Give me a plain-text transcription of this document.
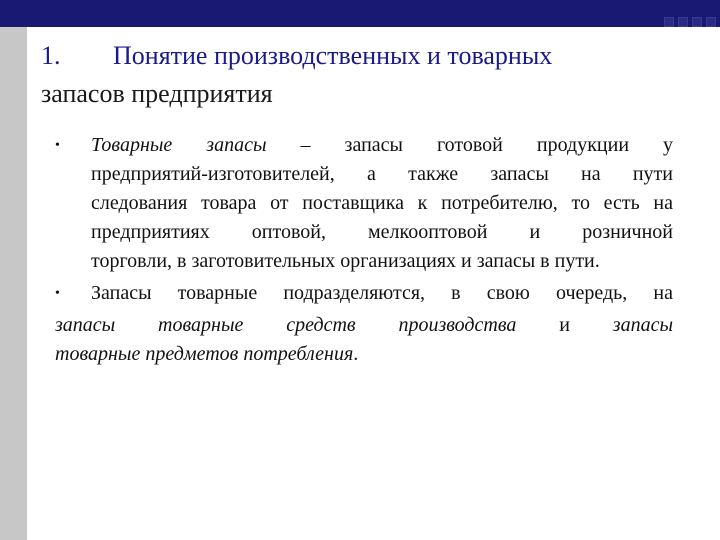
1. Понятие производственных и товарных
запасов предприятия
• Товарные запасы – запасы готовой продукции у
предприятий-изготовителей, а также запасы на пути
следования товара от поставщика к потребителю, то есть на
предприятиях оптовой, мелкооптовой и розничной
торговли, в заготовительных организациях и запасы в пути.
• Запасы товарные подразделяются, в свою очередь, на
запасы товарные средств производства и запасы
товарные предметов потребления.
